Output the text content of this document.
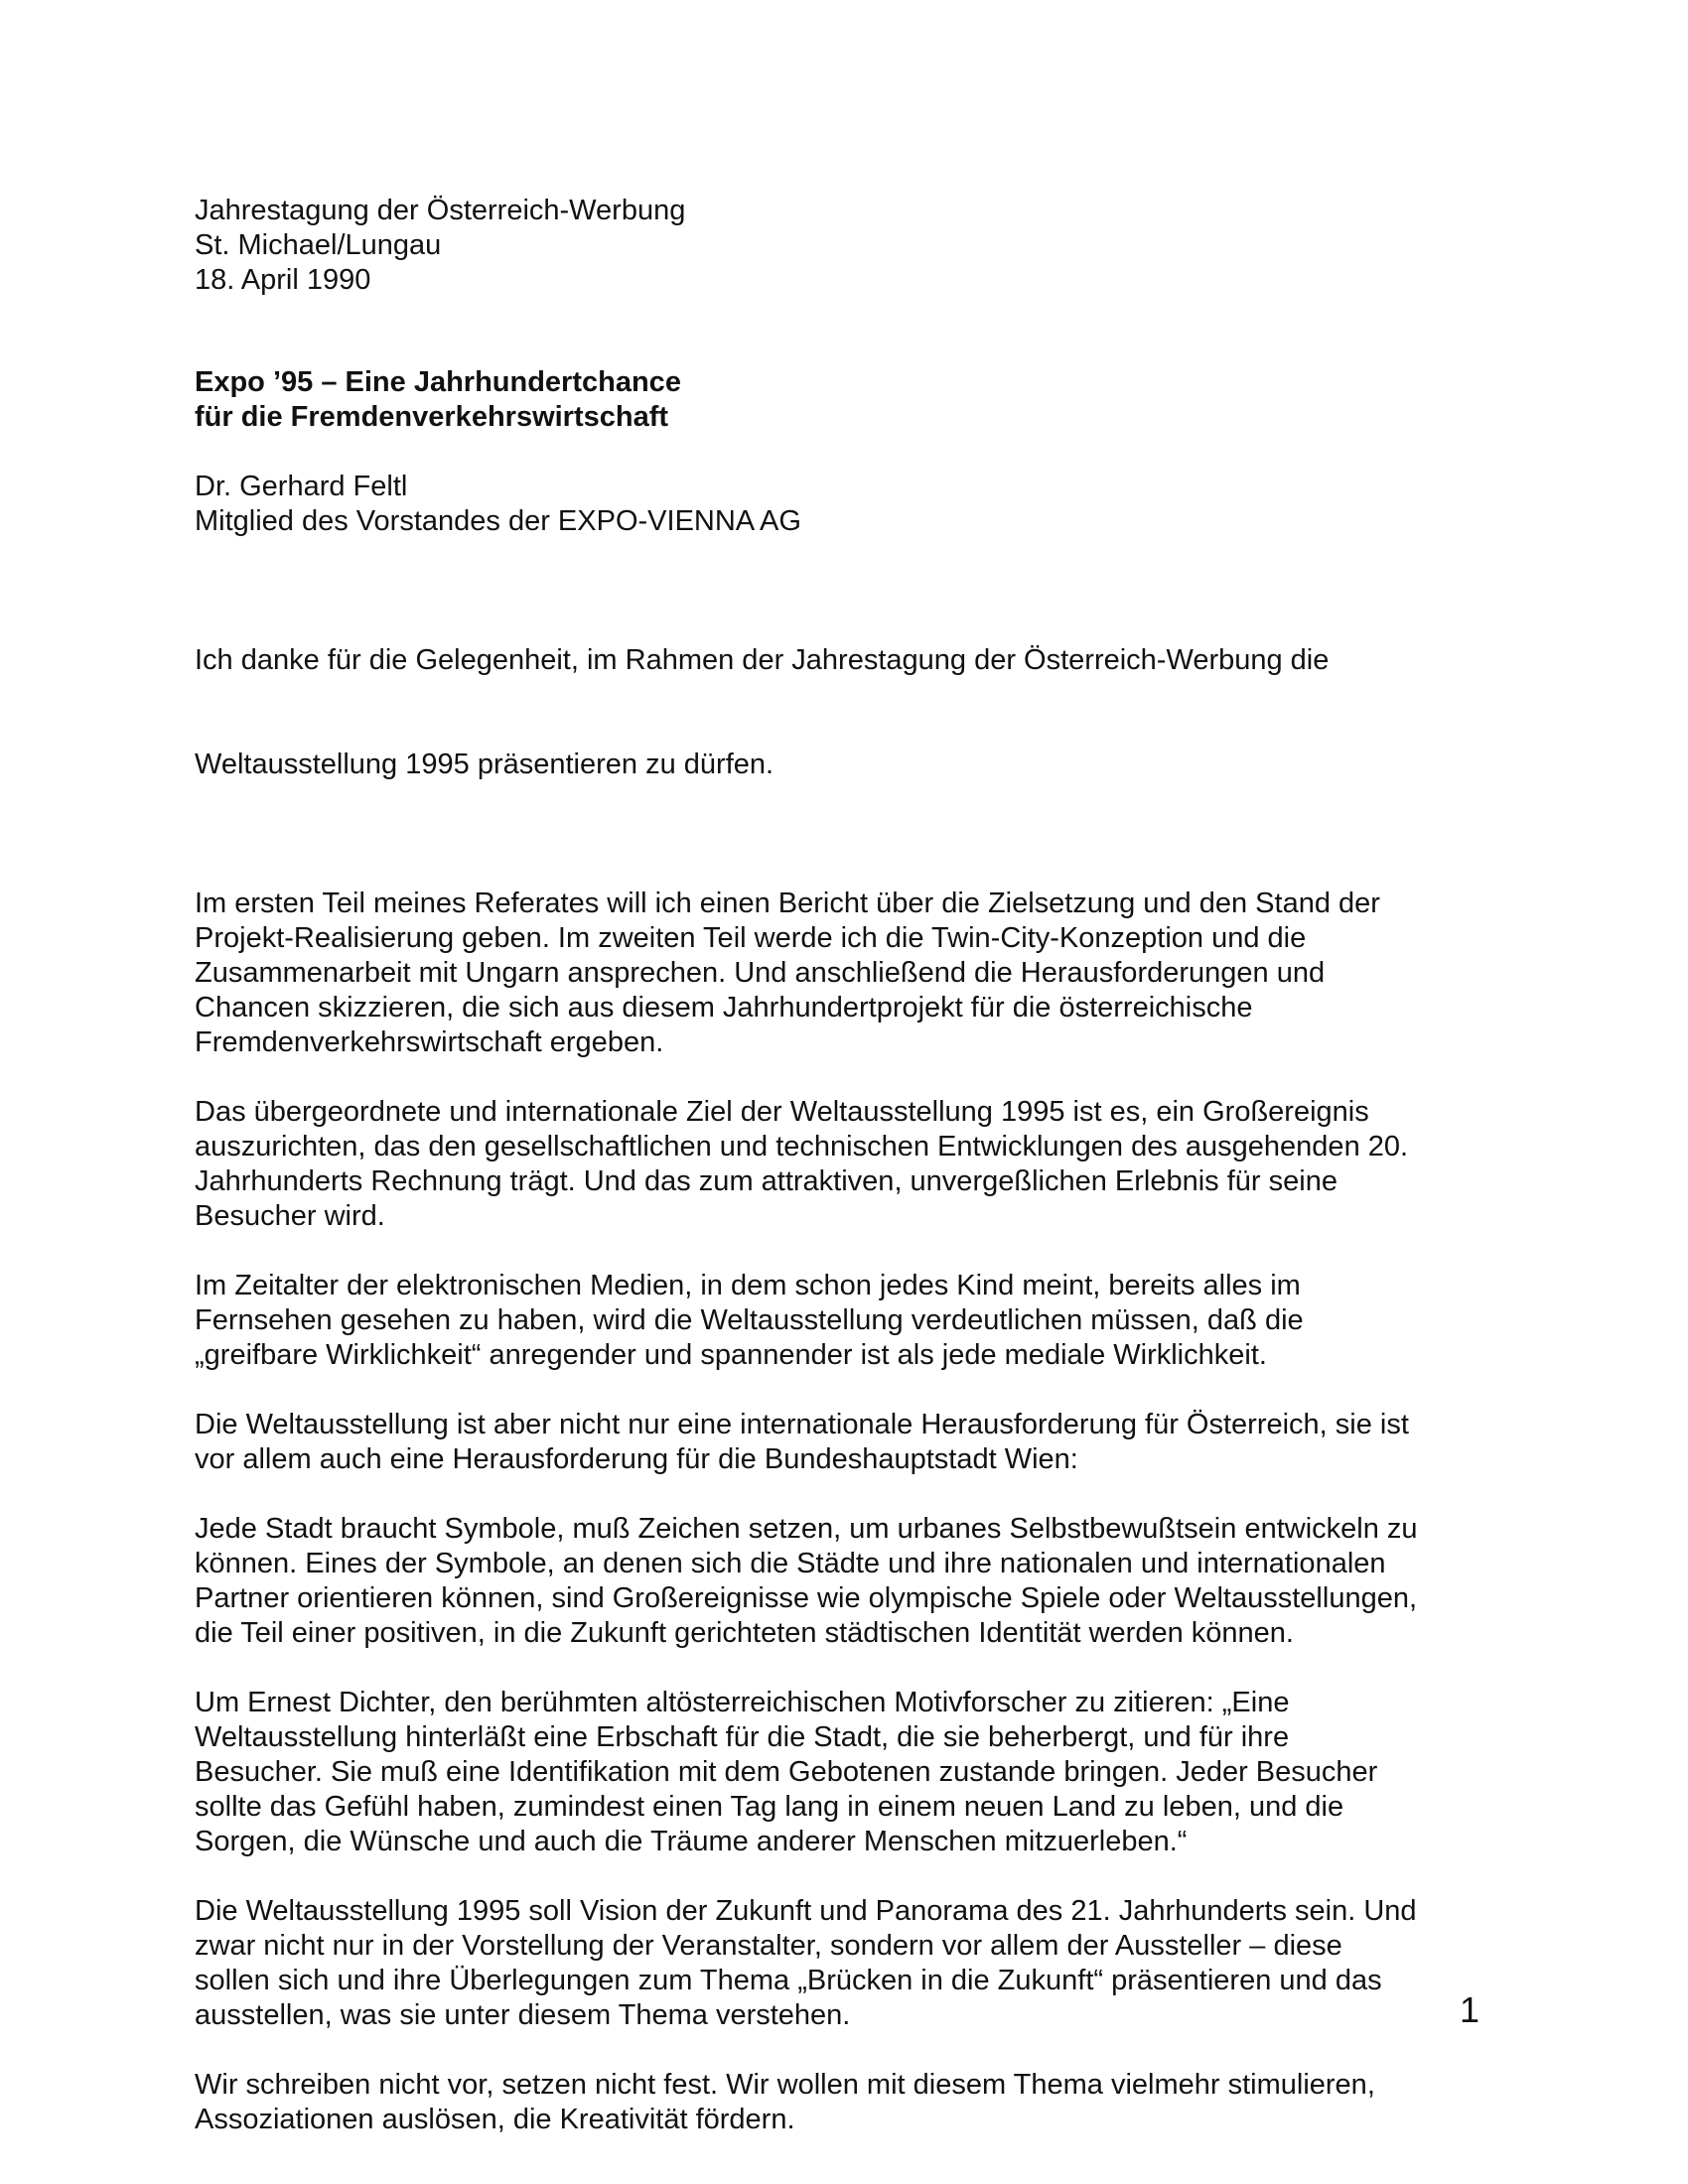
Jahrestagung der Österreich-Werbung
St. Michael/Lungau
18. April 1990
Expo ’95 – Eine Jahrhundertchance
für die Fremdenverkehrswirtschaft
Dr. Gerhard Feltl
Mitglied des Vorstandes der EXPO-VIENNA AG

Ich danke für die Gelegenheit, im Rahmen der Jahrestagung der Österreich-Werbung die

Weltausstellung 1995 präsentieren zu dürfen.

Im ersten Teil meines Referates will ich einen Bericht über die Zielsetzung und den Stand der
Projekt-Realisierung geben. Im zweiten Teil werde ich die Twin-City-Konzeption und die
Zusammenarbeit mit Ungarn ansprechen. Und anschließend die Herausforderungen und
Chancen skizzieren, die sich aus diesem Jahrhundertprojekt für die österreichische
Fremdenverkehrswirtschaft ergeben.
Das übergeordnete und internationale Ziel der Weltausstellung 1995 ist es, ein Großereignis
auszurichten, das den gesellschaftlichen und technischen Entwicklungen des ausgehenden 20.
Jahrhunderts Rechnung trägt. Und das zum attraktiven, unvergeßlichen Erlebnis für seine
Besucher wird.
Im Zeitalter der elektronischen Medien, in dem schon jedes Kind meint, bereits alles im
Fernsehen gesehen zu haben, wird die Weltausstellung verdeutlichen müssen, daß die
„greifbare Wirklichkeit“ anregender und spannender ist als jede mediale Wirklichkeit.
Die Weltausstellung ist aber nicht nur eine internationale Herausforderung für Österreich, sie ist
vor allem auch eine Herausforderung für die Bundeshauptstadt Wien:
Jede Stadt braucht Symbole, muß Zeichen setzen, um urbanes Selbstbewußtsein entwickeln zu
können. Eines der Symbole, an denen sich die Städte und ihre nationalen und internationalen
Partner orientieren können, sind Großereignisse wie olympische Spiele oder Weltausstellungen,
die Teil einer positiven, in die Zukunft gerichteten städtischen Identität werden können.
Um Ernest Dichter, den berühmten altösterreichischen Motivforscher zu zitieren: „Eine
Weltausstellung hinterläßt eine Erbschaft für die Stadt, die sie beherbergt, und für ihre
Besucher. Sie muß eine Identifikation mit dem Gebotenen zustande bringen. Jeder Besucher
sollte das Gefühl haben, zumindest einen Tag lang in einem neuen Land zu leben, und die
Sorgen, die Wünsche und auch die Träume anderer Menschen mitzuerleben.“
Die Weltausstellung 1995 soll Vision der Zukunft und Panorama des 21. Jahrhunderts sein. Und
zwar nicht nur in der Vorstellung der Veranstalter, sondern vor allem der Aussteller – diese
sollen sich und ihre Überlegungen zum Thema „Brücken in die Zukunft“ präsentieren und das
ausstellen, was sie unter diesem Thema verstehen.
Wir schreiben nicht vor, setzen nicht fest. Wir wollen mit diesem Thema vielmehr stimulieren,
Assoziationen auslösen, die Kreativität fördern.
1
